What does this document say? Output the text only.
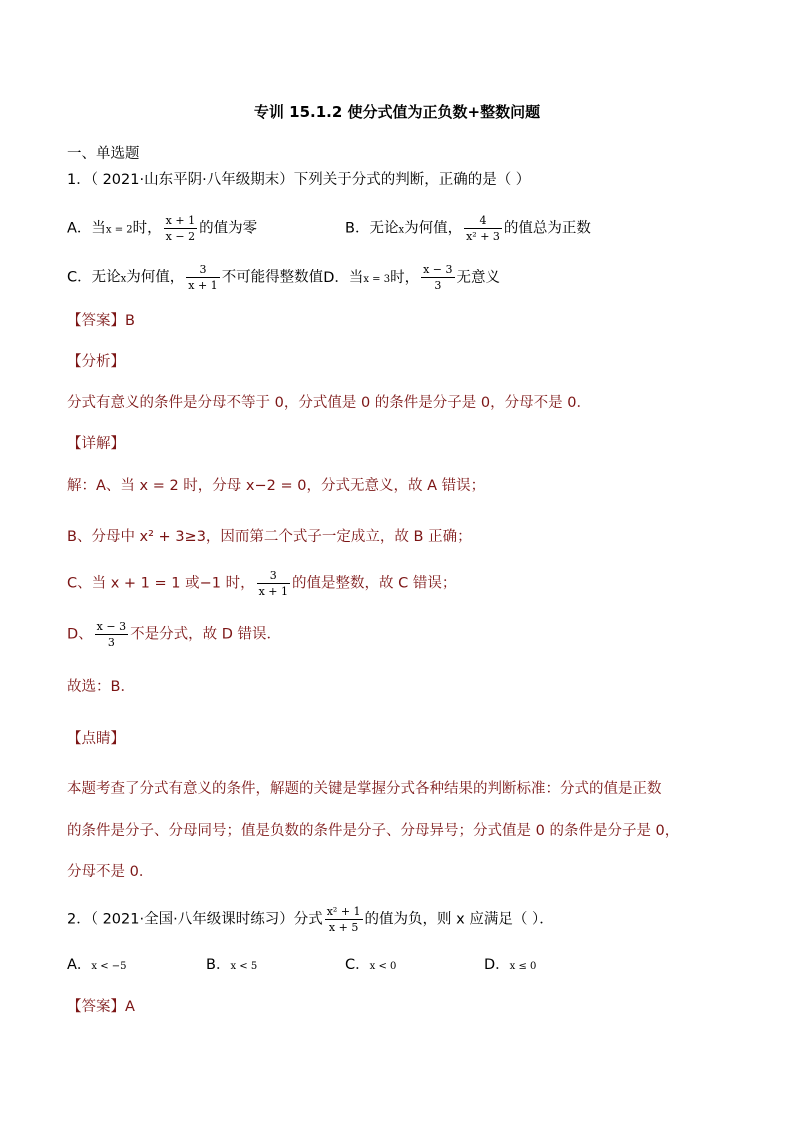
专训 15.1.2 使分式值为正负数+整数问题
一、单选题
1．（ 2021·山东平阴·八年级期末）下列关于分式的判断，正确的是（ ）
A．当x = 2时， $\frac{x + 1}{x - 2}$ 的值为零	B．无论x为何值， $\frac{4}{\text{x² + 3}}$ 的值总为正数
C．无论x为何值， $\frac{3}{x + 1}$ 不可能得整数值D．当x = 3时， $\frac{x - 3}{3}$ 无意义
【答案】B
【分析】
分式有意义的条件是分母不等于 0，分式值是 0 的条件是分子是 0，分母不是 0．
【详解】
解：A、当 x = 2 时，分母 x−2 = 0，分式无意义，故 A 错误；
B、分母中 x² + 3≥3，因而第二个式子一定成立，故 B 正确；
C、当 x + 1 = 1 或−1 时， $\frac{3}{x + 1}$ 的值是整数，故 C 错误；
D、 $\frac{x - 3}{3}$ 不是分式，故 D 错误．
故选：B．
【点睛】
本题考查了分式有意义的条件，解题的关键是掌握分式各种结果的判断标准：分式的值是正数
的条件是分子、分母同号；值是负数的条件是分子、分母异号；分式值是 0 的条件是分子是 0，
分母不是 0．
2．（ 2021·全国·八年级课时练习）分式 $\frac{\text{x² + 1}}{x + 5}$ 的值为负，则 x 应满足（ ）．
A．x < −5	B．x < 5	C．x < 0	D．x ≤ 0
【答案】A
